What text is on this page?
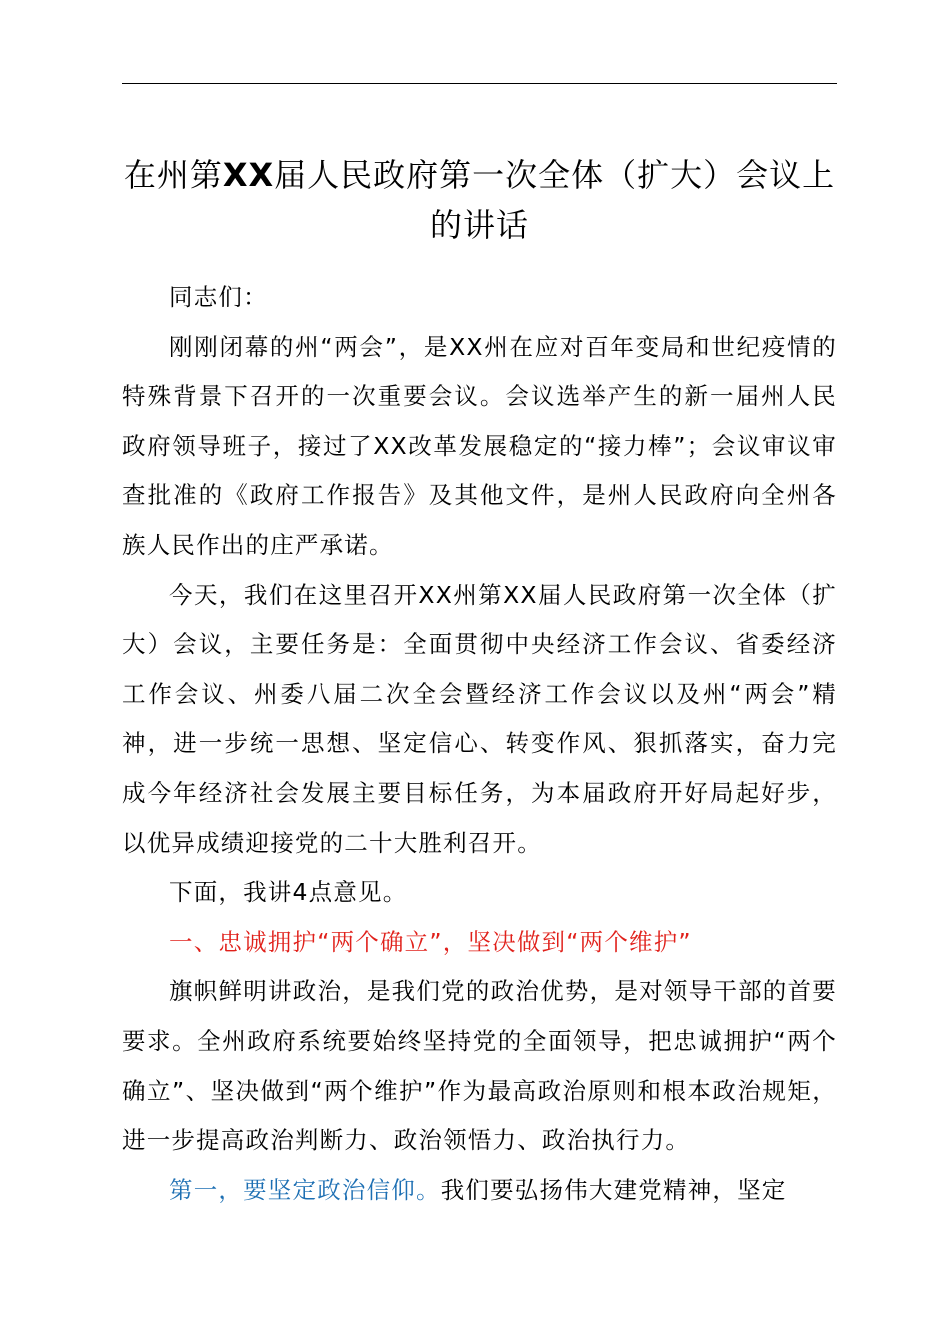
在州第XX届人民政府第一次全体（扩大）会议上的讲话

同志们：

刚刚闭幕的州“两会”，是XX州在应对百年变局和世纪疫情的特殊背景下召开的一次重要会议。会议选举产生的新一届州人民政府领导班子，接过了XX改革发展稳定的“接力棒”；会议审议审查批准的《政府工作报告》及其他文件，是州人民政府向全州各族人民作出的庄严承诺。

今天，我们在这里召开XX州第XX届人民政府第一次全体（扩大）会议，主要任务是：全面贯彻中央经济工作会议、省委经济工作会议、州委八届二次全会暨经济工作会议以及州“两会”精神，进一步统一思想、坚定信心、转变作风、狠抓落实，奋力完成今年经济社会发展主要目标任务，为本届政府开好局起好步，以优异成绩迎接党的二十大胜利召开。

下面，我讲4点意见。

一、忠诚拥护“两个确立”，坚决做到“两个维护”

旗帜鲜明讲政治，是我们党的政治优势，是对领导干部的首要要求。全州政府系统要始终坚持党的全面领导，把忠诚拥护“两个确立”、坚决做到“两个维护”作为最高政治原则和根本政治规矩，进一步提高政治判断力、政治领悟力、政治执行力。

第一，要坚定政治信仰。我们要弘扬伟大建党精神，坚定
